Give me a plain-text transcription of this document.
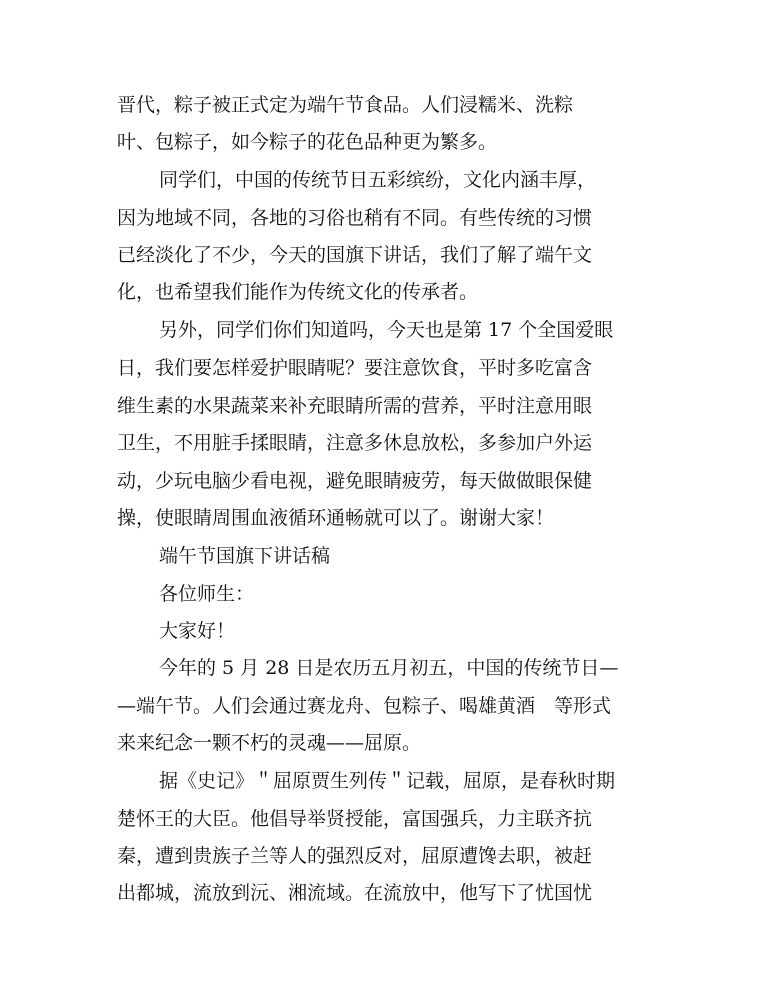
晋代，粽子被正式定为端午节食品。人们浸糯米、洗粽
叶、包粽子，如今粽子的花色品种更为繁多。
同学们，中国的传统节日五彩缤纷，文化内涵丰厚，
因为地域不同，各地的习俗也稍有不同。有些传统的习惯
已经淡化了不少，今天的国旗下讲话，我们了解了端午文
化，也希望我们能作为传统文化的传承者。
另外，同学们你们知道吗，今天也是第 17 个全国爱眼
日，我们要怎样爱护眼睛呢？要注意饮食，平时多吃富含
维生素的水果蔬菜来补充眼睛所需的营养，平时注意用眼
卫生，不用脏手揉眼睛，注意多休息放松，多参加户外运
动，少玩电脑少看电视，避免眼睛疲劳，每天做做眼保健
操，使眼睛周围血液循环通畅就可以了。谢谢大家！
端午节国旗下讲话稿
各位师生：
大家好！
今年的 5 月 28 日是农历五月初五，中国的传统节日—
—端午节。人们会通过赛龙舟、包粽子、喝雄黄酒　等形式
来来纪念一颗不朽的灵魂——屈原。
据《史记》＂屈原贾生列传＂记载，屈原，是春秋时期
楚怀王的大臣。他倡导举贤授能，富国强兵，力主联齐抗
秦，遭到贵族子兰等人的强烈反对，屈原遭馋去职，被赶
出都城，流放到沅、湘流域。在流放中，他写下了忧国忧
